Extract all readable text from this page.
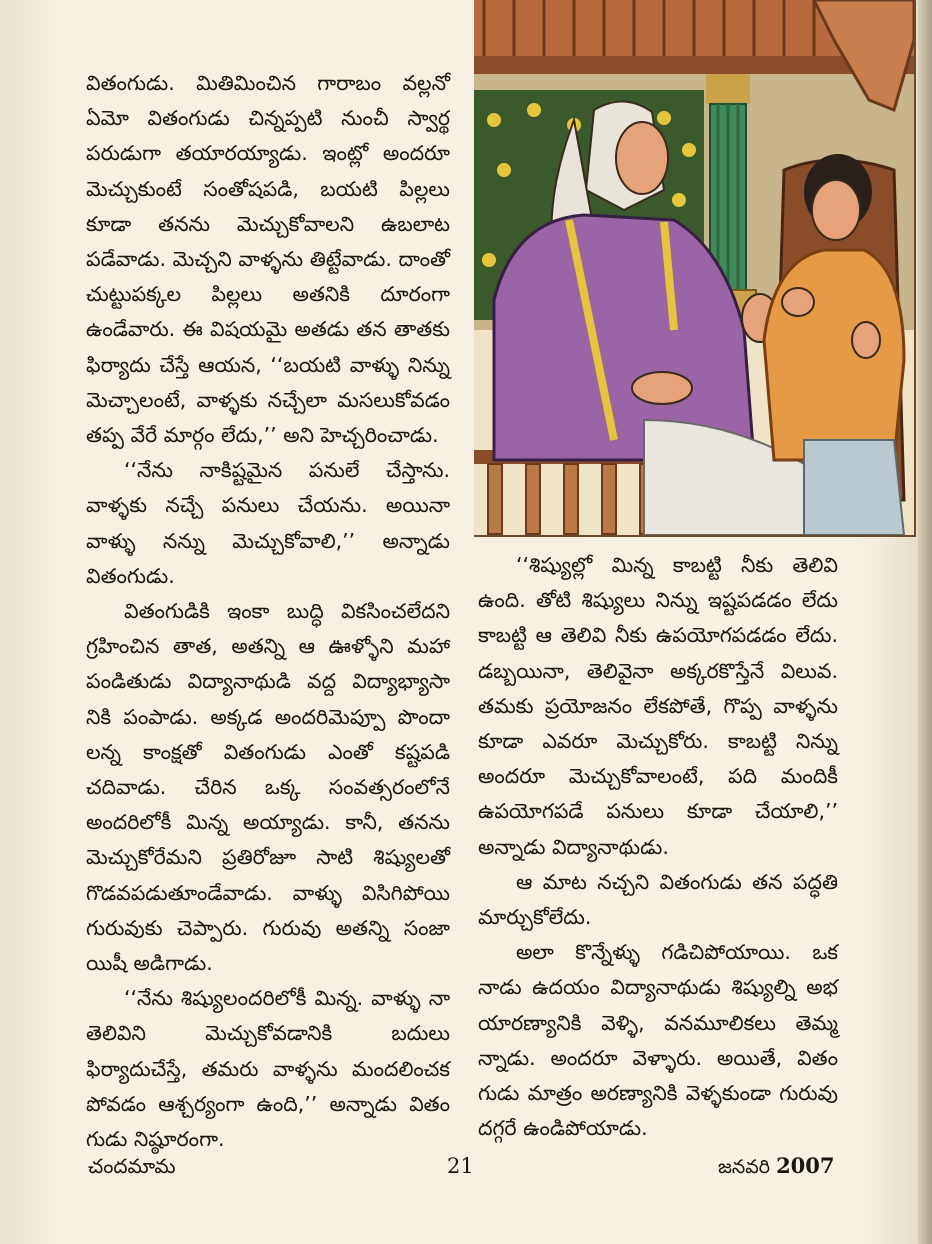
వితంగుడు. మితిమించిన గారాబం వల్లనో ఏమో వితంగుడు చిన్నప్పటి నుంచీ స్వార్థ పరుడుగా తయారయ్యాడు. ఇంట్లో అందరూ మెచ్చుకుంటే సంతోషపడి, బయటి పిల్లలు కూడా తనను మెచ్చుకోవాలని ఉబలాట పడేవాడు. మెచ్చని వాళ్ళను తిట్టేవాడు. దాంతో చుట్టుపక్కల పిల్లలు అతనికి దూరంగా ఉండేవారు. ఈ విషయమై అతడు తన తాతకు ఫిర్యాదు చేస్తే ఆయన, ‘‘బయటి వాళ్ళు నిన్ను మెచ్చాలంటే, వాళ్ళకు నచ్చేలా మసలుకోవడం తప్ప వేరే మార్గం లేదు,’’ అని హెచ్చరించాడు.

‘‘నేను నాకిష్టమైన పనులే చేస్తాను. వాళ్ళకు నచ్చే పనులు చేయను. అయినా వాళ్ళు నన్ను మెచ్చుకోవాలి,’’ అన్నాడు వితంగుడు.

వితంగుడికి ఇంకా బుద్ధి వికసించలేదని గ్రహించిన తాత, అతన్ని ఆ ఊళ్ళోని మహా పండితుడు విద్యానాథుడి వద్ద విద్యాభ్యాసా నికి పంపాడు. అక్కడ అందరిమెప్పూ పొందా లన్న కాంక్షతో వితంగుడు ఎంతో కష్టపడి చదివాడు. చేరిన ఒక్క సంవత్సరంలోనే అందరిలోకీ మిన్న అయ్యాడు. కానీ, తనను మెచ్చుకోరేమని ప్రతిరోజూ సాటి శిష్యులతో గొడవపడుతూండేవాడు. వాళ్ళు విసిగిపోయి గురువుకు చెప్పారు. గురువు అతన్ని సంజా యిషీ అడిగాడు.

‘‘నేను శిష్యులందరిలోకీ మిన్న. వాళ్ళు నా తెలివిని మెచ్చుకోవడానికి బదులు ఫిర్యాదుచేస్తే, తమరు వాళ్ళను మందలించక పోవడం ఆశ్చర్యంగా ఉంది,’’ అన్నాడు వితం గుడు నిష్ఠూరంగా.

‘‘శిష్యుల్లో మిన్న కాబట్టి నీకు తెలివి ఉంది. తోటి శిష్యులు నిన్ను ఇష్టపడడం లేదు కాబట్టి ఆ తెలివి నీకు ఉపయోగపడడం లేదు. డబ్బయినా, తెలివైనా అక్కరకొస్తేనే విలువ. తమకు ప్రయోజనం లేకపోతే, గొప్ప వాళ్ళను కూడా ఎవరూ మెచ్చుకోరు. కాబట్టి నిన్ను అందరూ మెచ్చుకోవాలంటే, పది మందికీ ఉపయోగపడే పనులు కూడా చేయాలి,’’ అన్నాడు విద్యానాథుడు.

ఆ మాట నచ్చని వితంగుడు తన పద్ధతి మార్చుకోలేదు.

అలా కొన్నేళ్ళు గడిచిపోయాయి. ఒక నాడు ఉదయం విద్యానాథుడు శిష్యుల్ని అభ యారణ్యానికి వెళ్ళి, వనమూలికలు తెమ్మ న్నాడు. అందరూ వెళ్ళారు. అయితే, వితం గుడు మాత్రం అరణ్యానికి వెళ్ళకుండా గురువు దగ్గరే ఉండిపోయాడు.

చందమామ	21	జనవరి 2007
